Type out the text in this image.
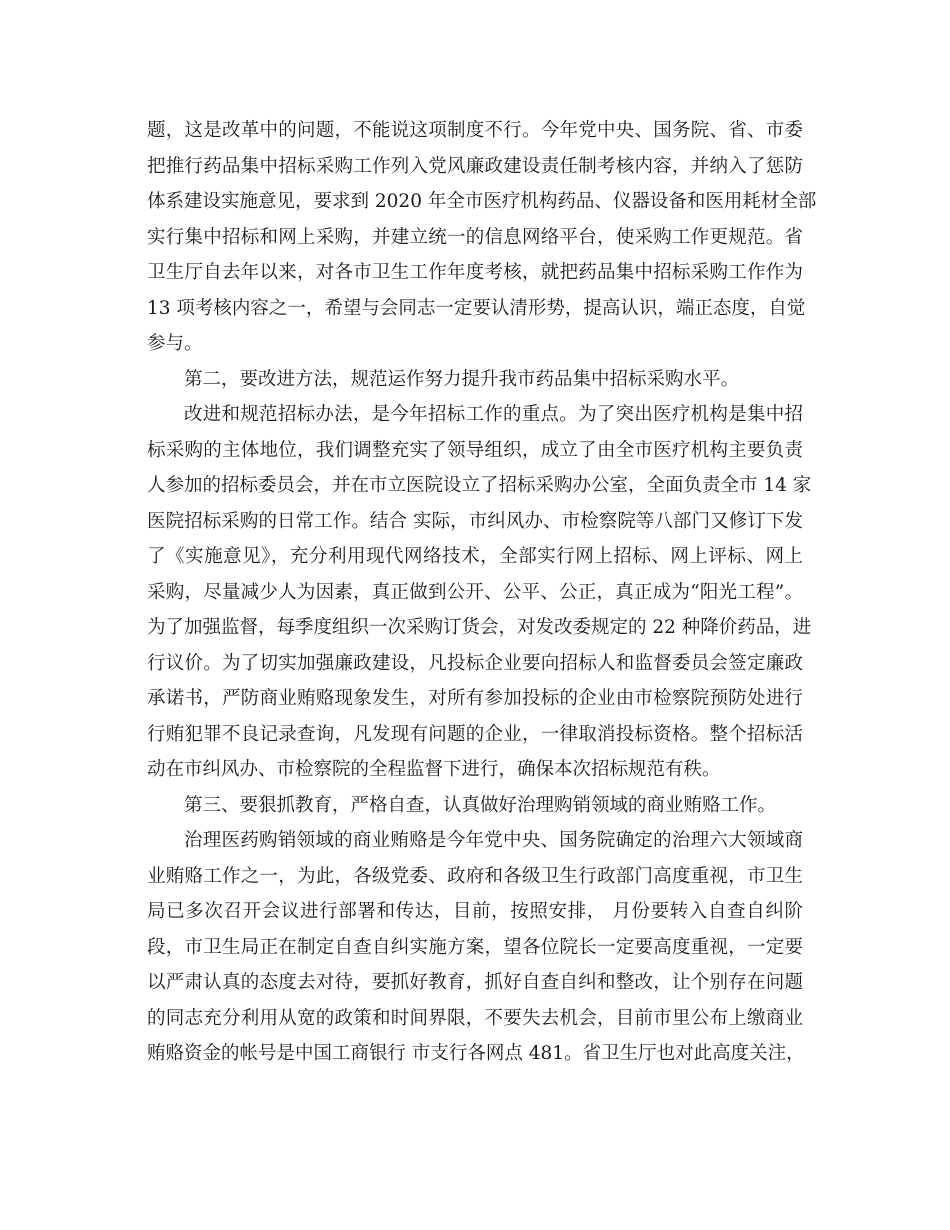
题，这是改革中的问题，不能说这项制度不行。今年党中央、国务院、省、市委
把推行药品集中招标采购工作列入党风廉政建设责任制考核内容，并纳入了惩防
体系建设实施意见，要求到 2020 年全市医疗机构药品、仪器设备和医用耗材全部
实行集中招标和网上采购，并建立统一的信息网络平台，使采购工作更规范。省
卫生厅自去年以来，对各市卫生工作年度考核，就把药品集中招标采购工作作为
13 项考核内容之一，希望与会同志一定要认清形势，提高认识，端正态度，自觉
参与。
第二，要改进方法，规范运作努力提升我市药品集中招标采购水平。
改进和规范招标办法，是今年招标工作的重点。为了突出医疗机构是集中招
标采购的主体地位，我们调整充实了领导组织，成立了由全市医疗机构主要负责
人参加的招标委员会，并在市立医院设立了招标采购办公室，全面负责全市 14 家
医院招标采购的日常工作。结合 实际，市纠风办、市检察院等八部门又修订下发
了《实施意见》，充分利用现代网络技术，全部实行网上招标、网上评标、网上
采购，尽量减少人为因素，真正做到公开、公平、公正，真正成为“阳光工程”。
为了加强监督，每季度组织一次采购订货会，对发改委规定的 22 种降价药品，进
行议价。为了切实加强廉政建设，凡投标企业要向招标人和监督委员会签定廉政
承诺书，严防商业贿赂现象发生，对所有参加投标的企业由市检察院预防处进行
行贿犯罪不良记录查询，凡发现有问题的企业，一律取消投标资格。整个招标活
动在市纠风办、市检察院的全程监督下进行，确保本次招标规范有秩。
第三、要狠抓教育，严格自查，认真做好治理购销领域的商业贿赂工作。
治理医药购销领域的商业贿赂是今年党中央、国务院确定的治理六大领域商
业贿赂工作之一，为此，各级党委、政府和各级卫生行政部门高度重视，市卫生
局已多次召开会议进行部署和传达，目前，按照安排， 月份要转入自查自纠阶
段，市卫生局正在制定自查自纠实施方案，望各位院长一定要高度重视，一定要
以严肃认真的态度去对待，要抓好教育，抓好自查自纠和整改，让个别存在问题
的同志充分利用从宽的政策和时间界限，不要失去机会，目前市里公布上缴商业
贿赂资金的帐号是中国工商银行 市支行各网点 481。省卫生厅也对此高度关注，
